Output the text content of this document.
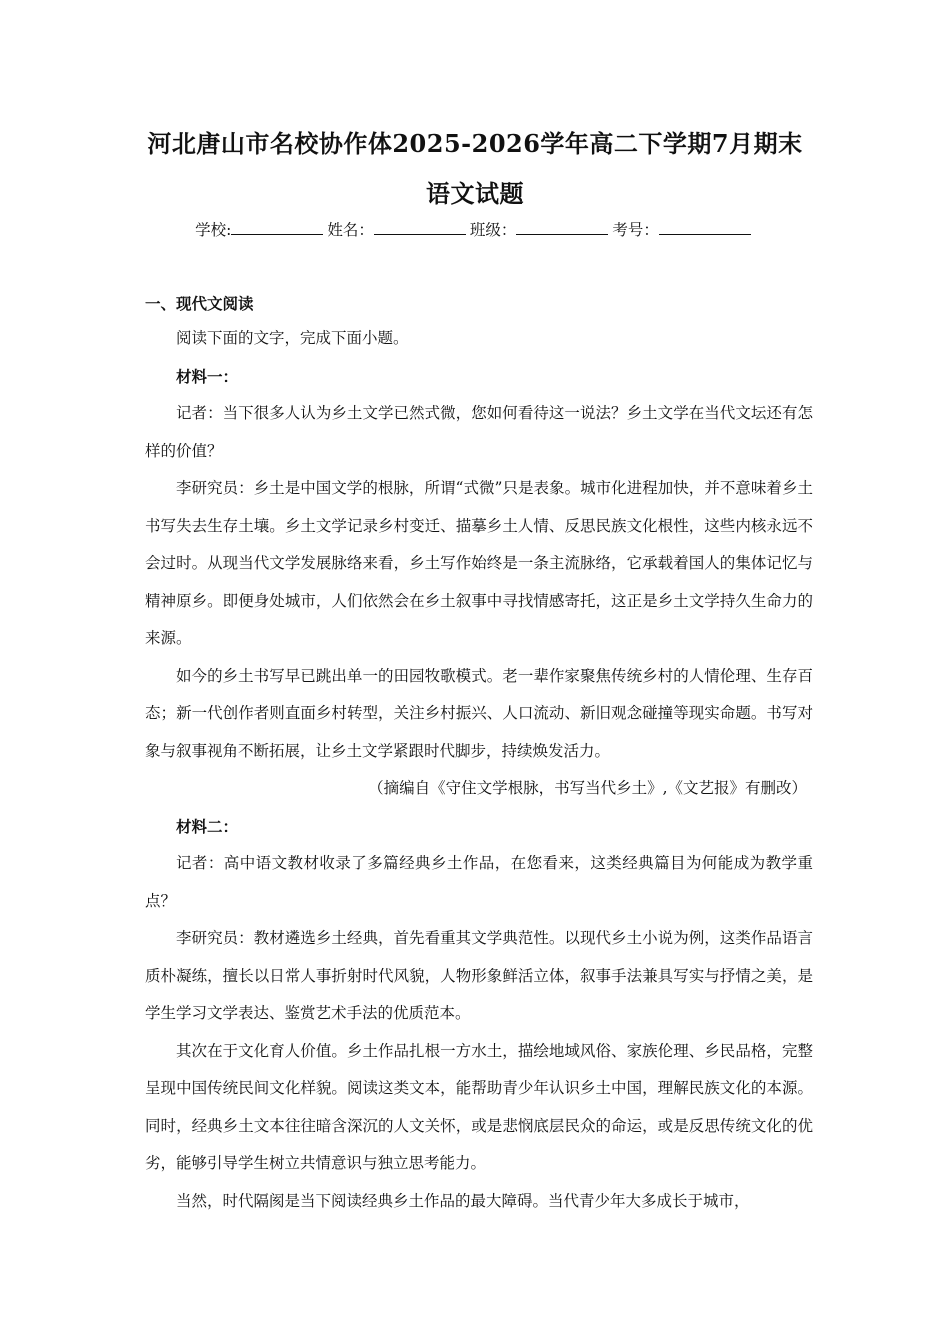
河北唐山市名校协作体2025-2026学年高二下学期7月期末
语文试题
学校:	姓名：	班级：	考号：
一、现代文阅读

阅读下面的文字，完成下面小题。

材料一：

记者：当下很多人认为乡土文学已然式微，您如何看待这一说法？乡土文学在当代文坛还有怎样的价值？

李研究员：乡土是中国文学的根脉，所谓“式微”只是表象。城市化进程加快，并不意味着乡土书写失去生存土壤。乡土文学记录乡村变迁、描摹乡土人情、反思民族文化根性，这些内核永远不会过时。从现当代文学发展脉络来看，乡土写作始终是一条主流脉络，它承载着国人的集体记忆与精神原乡。即便身处城市，人们依然会在乡土叙事中寻找情感寄托，这正是乡土文学持久生命力的来源。

如今的乡土书写早已跳出单一的田园牧歌模式。老一辈作家聚焦传统乡村的人情伦理、生存百态；新一代创作者则直面乡村转型，关注乡村振兴、人口流动、新旧观念碰撞等现实命题。书写对象与叙事视角不断拓展，让乡土文学紧跟时代脚步，持续焕发活力。

（摘编自《守住文学根脉，书写当代乡土》,《文艺报》有删改）

材料二：

记者：高中语文教材收录了多篇经典乡土作品，在您看来，这类经典篇目为何能成为教学重点？

李研究员：教材遴选乡土经典，首先看重其文学典范性。以现代乡土小说为例，这类作品语言质朴凝练，擅长以日常人事折射时代风貌，人物形象鲜活立体，叙事手法兼具写实与抒情之美，是学生学习文学表达、鉴赏艺术手法的优质范本。

其次在于文化育人价值。乡土作品扎根一方水土，描绘地域风俗、家族伦理、乡民品格，完整呈现中国传统民间文化样貌。阅读这类文本，能帮助青少年认识乡土中国，理解民族文化的本源。同时，经典乡土文本往往暗含深沉的人文关怀，或是悲悯底层民众的命运，或是反思传统文化的优劣，能够引导学生树立共情意识与独立思考能力。

当然，时代隔阂是当下阅读经典乡土作品的最大障碍。当代青少年大多成长于城市，
